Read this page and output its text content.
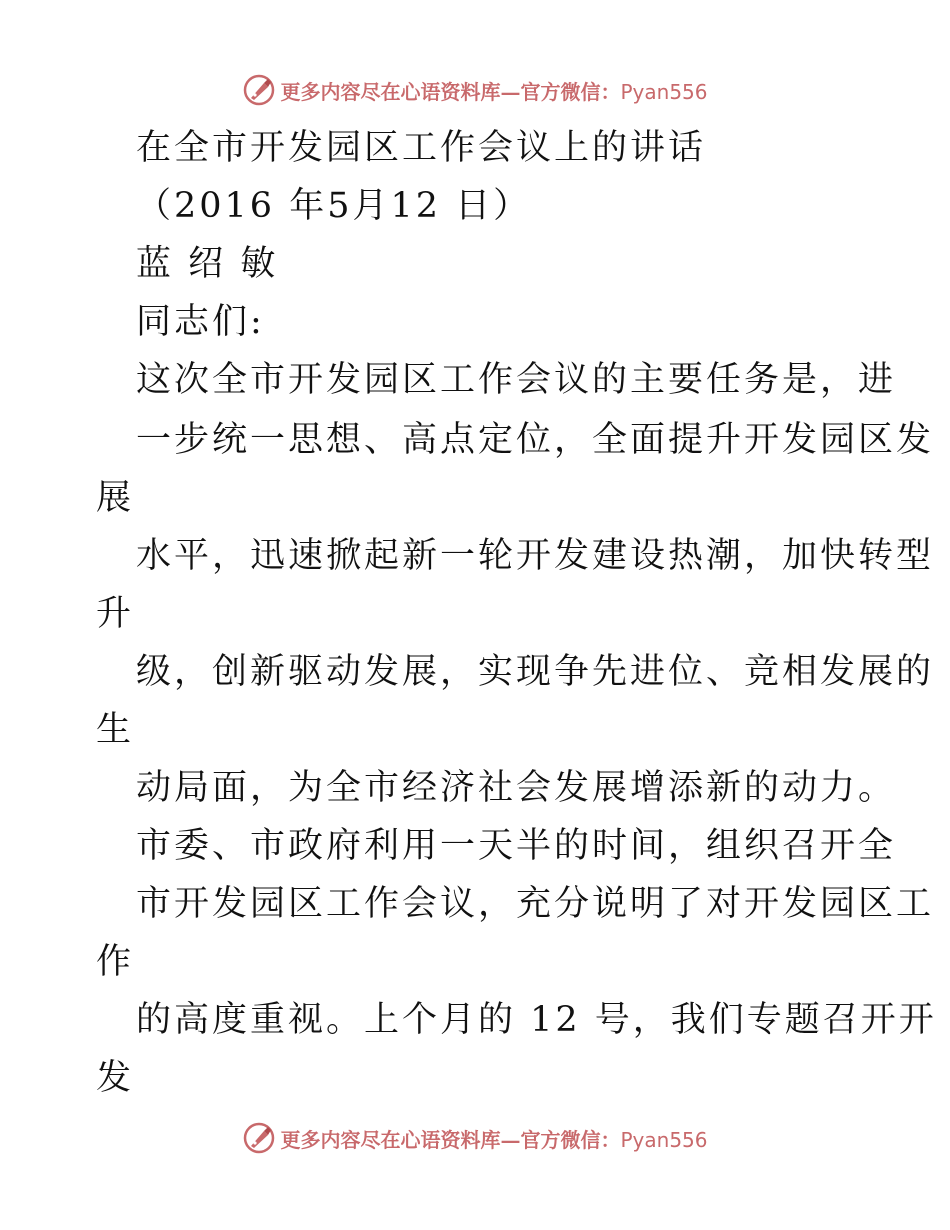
更多内容尽在心语资料库—官方微信：Pyan556
在全市开发园区工作会议上的讲话
（2016 年5月12 日）
蓝 绍 敏
同志们:
这次全市开发园区工作会议的主要任务是，进
一步统一思想、高点定位，全面提升开发园区发
展
水平，迅速掀起新一轮开发建设热潮，加快转型
升
级，创新驱动发展，实现争先进位、竞相发展的
生
动局面，为全市经济社会发展增添新的动力。
市委、市政府利用一天半的时间，组织召开全
市开发园区工作会议，充分说明了对开发园区工
作
的高度重视。上个月的 12 号，我们专题召开开
发
更多内容尽在心语资料库—官方微信：Pyan556
